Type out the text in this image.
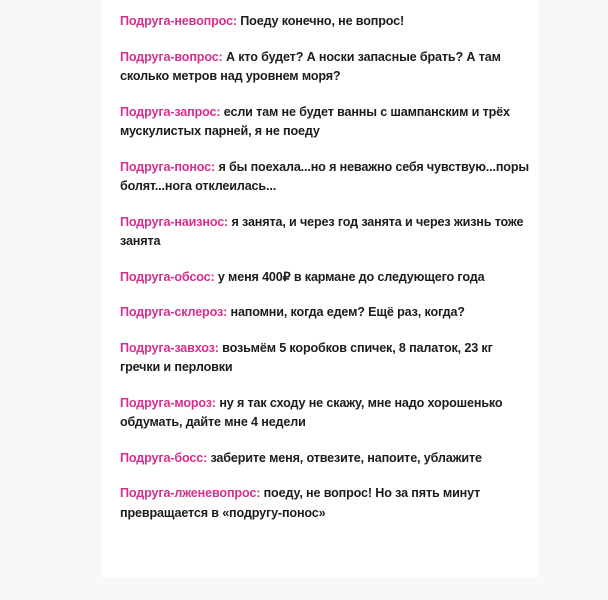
Подруга-невопрос: Поеду конечно, не вопрос!

Подруга-вопрос: А кто будет? А носки запасные брать? А там сколько метров над уровнем моря?

Подруга-запрос: если там не будет ванны с шампанским и трёх мускулистых парней, я не поеду

Подруга-понос: я бы поехала...но я неважно себя чувствую...поры болят...нога отклеилась...

Подруга-наизнос: я занята, и через год занята и через жизнь тоже занята

Подруга-обсос: у меня 400₽ в кармане до следующего года

Подруга-склероз: напомни, когда едем? Ещё раз, когда?

Подруга-завхоз: возьмём 5 коробков спичек, 8 палаток, 23 кг гречки и перловки

Подруга-мороз: ну я так сходу не скажу, мне надо хорошенько обдумать, дайте мне 4 недели

Подруга-босс: заберите меня, отвезите, напоите, ублажите

Подруга-лженевопрос: поеду, не вопрос! Но за пять минут превращается в «подругу-понос»
